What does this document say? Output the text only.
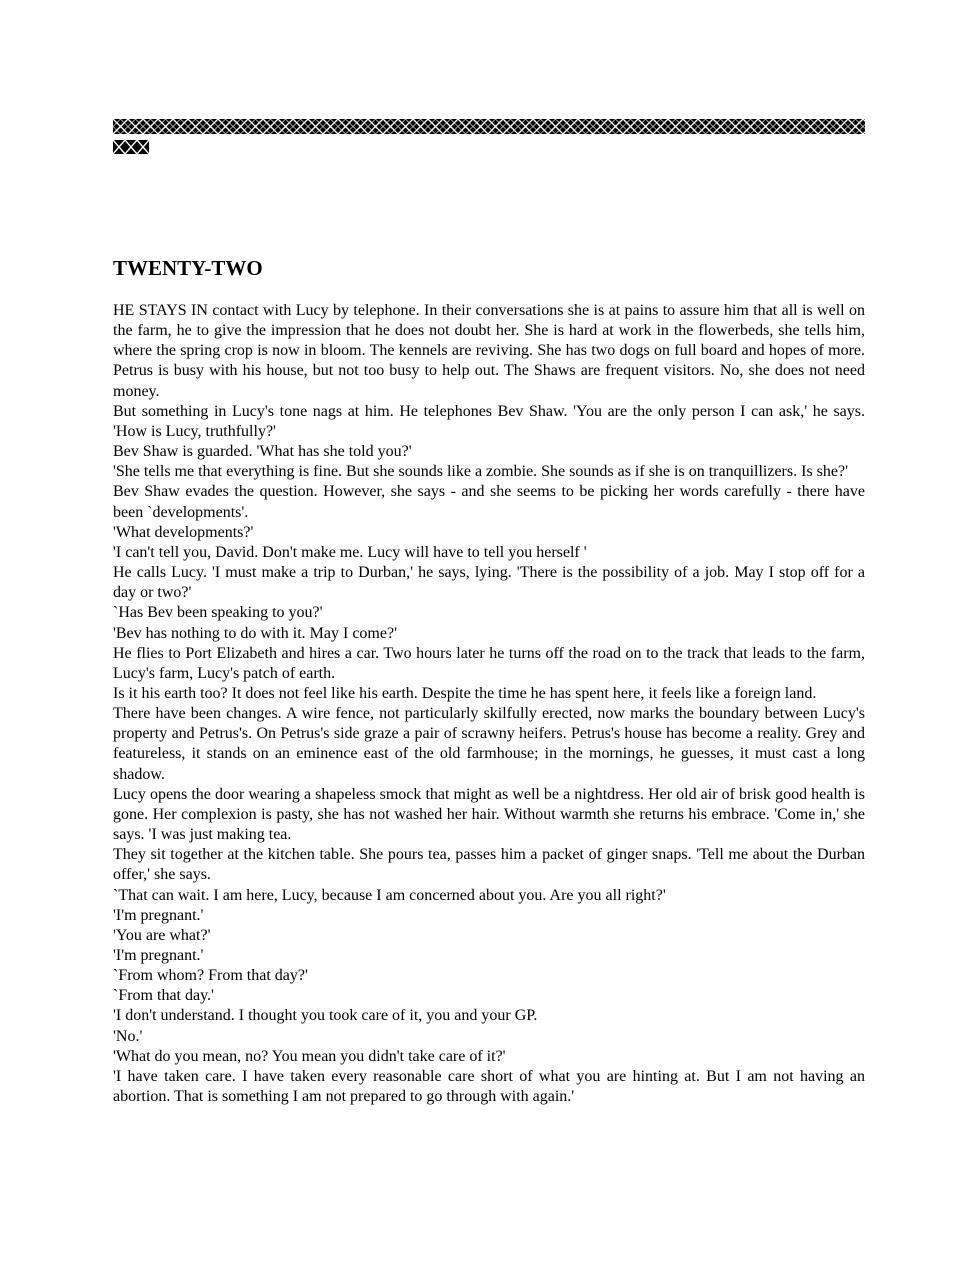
TWENTY-TWO

HE STAYS IN contact with Lucy by telephone. In their conversations she is at pains to assure him that all is well on the farm, he to give the impression that he does not doubt her. She is hard at work in the flowerbeds, she tells him, where the spring crop is now in bloom. The kennels are reviving. She has two dogs on full board and hopes of more. Petrus is busy with his house, but not too busy to help out. The Shaws are frequent visitors. No, she does not need money.

But something in Lucy's tone nags at him. He telephones Bev Shaw. 'You are the only person I can ask,' he says. 'How is Lucy, truthfully?'

Bev Shaw is guarded. 'What has she told you?'

'She tells me that everything is fine. But she sounds like a zombie. She sounds as if she is on tranquillizers. Is she?'

Bev Shaw evades the question. However, she says - and she seems to be picking her words carefully - there have been `developments'.

'What developments?'

'I can't tell you, David. Don't make me. Lucy will have to tell you herself '

He calls Lucy. 'I must make a trip to Durban,' he says, lying. 'There is the possibility of a job. May I stop off for a day or two?'

`Has Bev been speaking to you?'

'Bev has nothing to do with it. May I come?'

He flies to Port Elizabeth and hires a car. Two hours later he turns off the road on to the track that leads to the farm, Lucy's farm, Lucy's patch of earth.

Is it his earth too? It does not feel like his earth. Despite the time he has spent here, it feels like a foreign land.

There have been changes. A wire fence, not particularly skilfully erected, now marks the boundary between Lucy's property and Petrus's. On Petrus's side graze a pair of scrawny heifers. Petrus's house has become a reality. Grey and featureless, it stands on an eminence east of the old farmhouse; in the mornings, he guesses, it must cast a long shadow.

Lucy opens the door wearing a shapeless smock that might as well be a nightdress. Her old air of brisk good health is gone. Her complexion is pasty, she has not washed her hair. Without warmth she returns his embrace. 'Come in,' she says. 'I was just making tea.

They sit together at the kitchen table. She pours tea, passes him a packet of ginger snaps. 'Tell me about the Durban offer,' she says.

`That can wait. I am here, Lucy, because I am concerned about you. Are you all right?'

'I'm pregnant.'

'You are what?'

'I'm pregnant.'

`From whom? From that day?'

`From that day.'

'I don't understand. I thought you took care of it, you and your GP.

'No.'

'What do you mean, no? You mean you didn't take care of it?'

'I have taken care. I have taken every reasonable care short of what you are hinting at. But I am not having an abortion. That is something I am not prepared to go through with again.'
